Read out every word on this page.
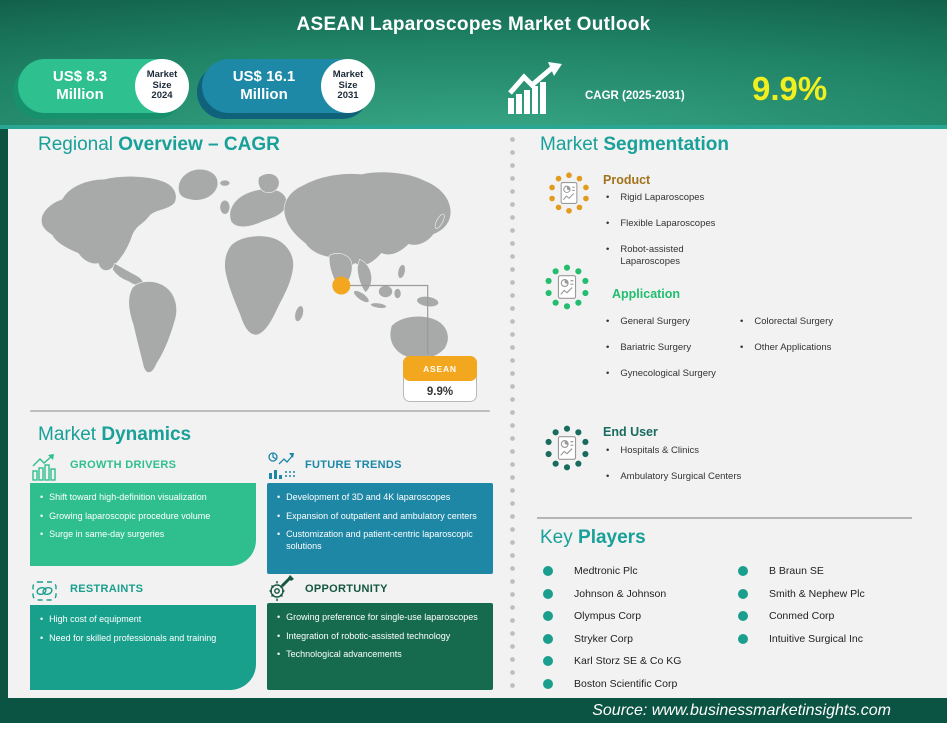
ASEAN Laparoscopes Market Outlook
US$ 8.3
Million
Market
Size
2024
US$ 16.1
Million
Market
Size
2031	CAGR (2025-2031) 9.9%
Regional Overview – CAGR
ASEAN
9.9%
Market Dynamics
GROWTH DRIVERS
• Shift toward high-definition visualization
• Growing laparoscopic procedure volume
• Surge in same-day surgeries
FUTURE TRENDS
• Development of 3D and 4K laparoscopes
• Expansion of outpatient and ambulatory centers
• Customization and patient-centric laparoscopic solutions
RESTRAINTS
• High cost of equipment
• Need for skilled professionals and training
OPPORTUNITY
• Growing preference for single-use laparoscopes
• Integration of robotic-assisted technology
• Technological advancements
Market Segmentation
Product
• Rigid Laparoscopes
• Flexible Laparoscopes
• Robot-assisted Laparoscopes
Application
• General Surgery
• Bariatric Surgery
• Gynecological Surgery
• Colorectal Surgery
• Other Applications
End User
• Hospitals & Clinics
• Ambulatory Surgical Centers
Key Players
Medtronic Plc
Johnson & Johnson
Olympus Corp
Stryker Corp
Karl Storz SE & Co KG
Boston Scientific Corp
B Braun SE
Smith & Nephew Plc
Conmed Corp
Intuitive Surgical Inc
Source: www.businessmarketinsights.com
